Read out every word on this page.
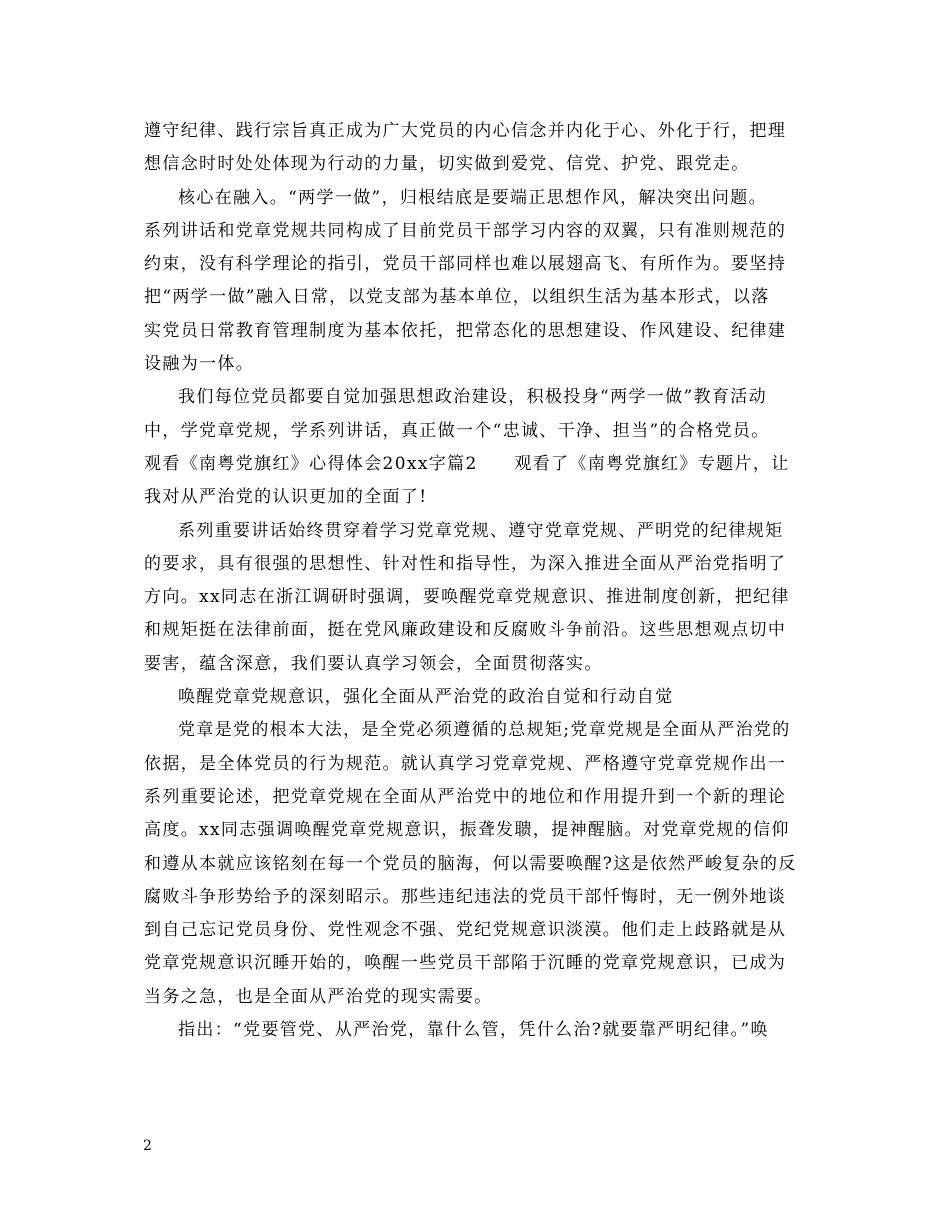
遵守纪律、践行宗旨真正成为广大党员的内心信念并内化于心、外化于行，把理
想信念时时处处体现为行动的力量，切实做到爱党、信党、护党、跟党走。
核心在融入。“两学一做”，归根结底是要端正思想作风，解决突出问题。
系列讲话和党章党规共同构成了目前党员干部学习内容的双翼，只有准则规范的
约束，没有科学理论的指引，党员干部同样也难以展翅高飞、有所作为。要坚持
把“两学一做”融入日常，以党支部为基本单位，以组织生活为基本形式，以落
实党员日常教育管理制度为基本依托，把常态化的思想建设、作风建设、纪律建
设融为一体。
我们每位党员都要自觉加强思想政治建设，积极投身“两学一做”教育活动
中，学党章党规，学系列讲话，真正做一个“忠诚、干净、担当”的合格党员。
观看《南粤党旗红》心得体会20xx字篇2　　观看了《南粤党旗红》专题片，让
我对从严治党的认识更加的全面了!
系列重要讲话始终贯穿着学习党章党规、遵守党章党规、严明党的纪律规矩
的要求，具有很强的思想性、针对性和指导性，为深入推进全面从严治党指明了
方向。xx同志在浙江调研时强调，要唤醒党章党规意识、推进制度创新，把纪律
和规矩挺在法律前面，挺在党风廉政建设和反腐败斗争前沿。这些思想观点切中
要害，蕴含深意，我们要认真学习领会，全面贯彻落实。
唤醒党章党规意识，强化全面从严治党的政治自觉和行动自觉
党章是党的根本大法，是全党必须遵循的总规矩;党章党规是全面从严治党的
依据，是全体党员的行为规范。就认真学习党章党规、严格遵守党章党规作出一
系列重要论述，把党章党规在全面从严治党中的地位和作用提升到一个新的理论
高度。xx同志强调唤醒党章党规意识，振聋发聩，提神醒脑。对党章党规的信仰
和遵从本就应该铭刻在每一个党员的脑海，何以需要唤醒?这是依然严峻复杂的反
腐败斗争形势给予的深刻昭示。那些违纪违法的党员干部忏悔时，无一例外地谈
到自己忘记党员身份、党性观念不强、党纪党规意识淡漠。他们走上歧路就是从
党章党规意识沉睡开始的，唤醒一些党员干部陷于沉睡的党章党规意识，已成为
当务之急，也是全面从严治党的现实需要。
指出：“党要管党、从严治党，靠什么管，凭什么治?就要靠严明纪律。”唤
2
